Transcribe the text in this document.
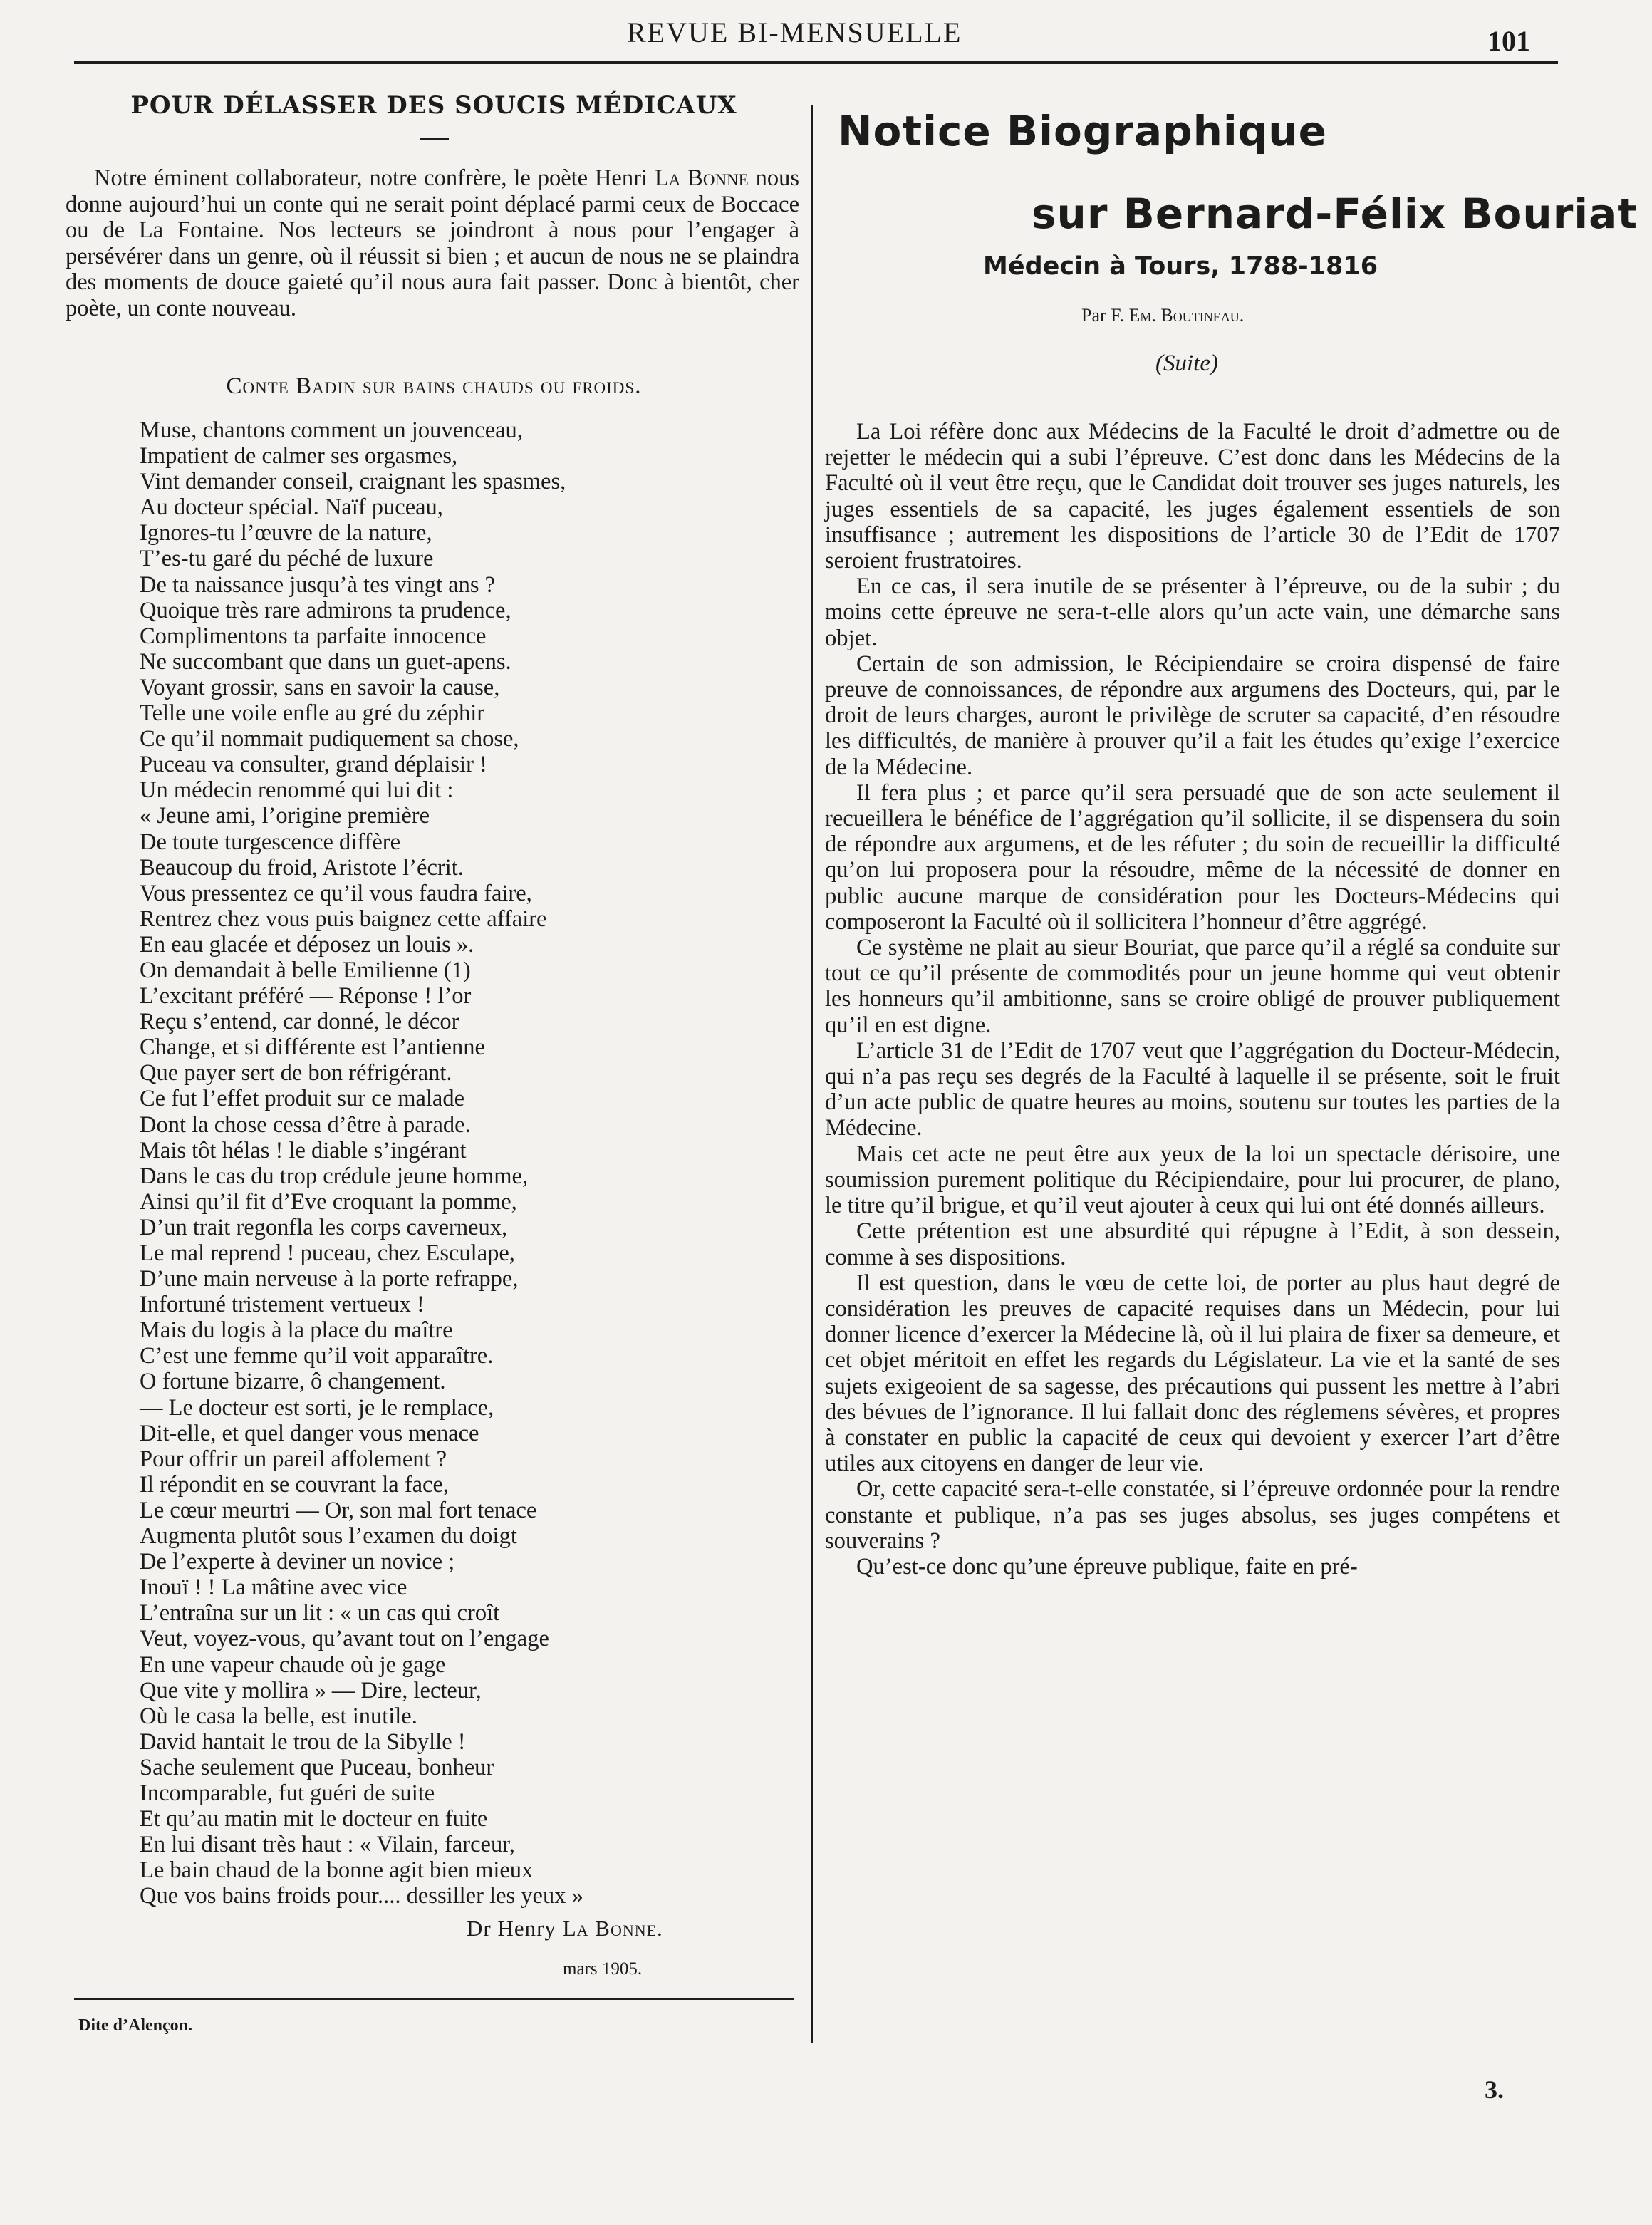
REVUE BI-MENSUELLE	101
POUR DÉLASSER DES SOUCIS MÉDICAUX

Notre éminent collaborateur, notre confrère, le poète Henri La Bonne nous donne aujourd’hui un conte qui ne serait point déplacé parmi ceux de Boccace ou de La Fontaine. Nos lecteurs se joindront à nous pour l’engager à persévérer dans un genre, où il réussit si bien ; et aucun de nous ne se plaindra des moments de douce gaieté qu’il nous aura fait passer. Donc à bientôt, cher poète, un conte nouveau.

Conte Badin sur bains chauds ou froids.
Muse, chantons comment un jouvenceau,
Impatient de calmer ses orgasmes,
Vint demander conseil, craignant les spasmes,
Au docteur spécial. Naïf puceau,
Ignores-tu l’œuvre de la nature,
T’es-tu garé du péché de luxure
De ta naissance jusqu’à tes vingt ans ?
Quoique très rare admirons ta prudence,
Complimentons ta parfaite innocence
Ne succombant que dans un guet-apens.
Voyant grossir, sans en savoir la cause,
Telle une voile enfle au gré du zéphir
Ce qu’il nommait pudiquement sa chose,
Puceau va consulter, grand déplaisir !
Un médecin renommé qui lui dit :
« Jeune ami, l’origine première
De toute turgescence diffère
Beaucoup du froid, Aristote l’écrit.
Vous pressentez ce qu’il vous faudra faire,
Rentrez chez vous puis baignez cette affaire
En eau glacée et déposez un louis ».
On demandait à belle Emilienne (1)
L’excitant préféré — Réponse ! l’or
Reçu s’entend, car donné, le décor
Change, et si différente est l’antienne
Que payer sert de bon réfrigérant.
Ce fut l’effet produit sur ce malade
Dont la chose cessa d’être à parade.
Mais tôt hélas ! le diable s’ingérant
Dans le cas du trop crédule jeune homme,
Ainsi qu’il fit d’Eve croquant la pomme,
D’un trait regonfla les corps caverneux,
Le mal reprend ! puceau, chez Esculape,
D’une main nerveuse à la porte refrappe,
Infortuné tristement vertueux !
Mais du logis à la place du maître
C’est une femme qu’il voit apparaître.
O fortune bizarre, ô changement.
— Le docteur est sorti, je le remplace,
Dit-elle, et quel danger vous menace
Pour offrir un pareil affolement ?
Il répondit en se couvrant la face,
Le cœur meurtri — Or, son mal fort tenace
Augmenta plutôt sous l’examen du doigt
De l’experte à deviner un novice ;
Inouï ! ! La mâtine avec vice
L’entraîna sur un lit : « un cas qui croît
Veut, voyez-vous, qu’avant tout on l’engage
En une vapeur chaude où je gage
Que vite y mollira » — Dire, lecteur,
Où le casa la belle, est inutile.
David hantait le trou de la Sibylle !
Sache seulement que Puceau, bonheur
Incomparable, fut guéri de suite
Et qu’au matin mit le docteur en fuite
En lui disant très haut : « Vilain, farceur,
Le bain chaud de la bonne agit bien mieux
Que vos bains froids pour.... dessiller les yeux »
Dr Henry La Bonne.
mars 1905.
Dite d’Alençon.
Notice Biographique
sur Bernard-Félix Bouriat
Médecin à Tours, 1788-1816
Par F. Em. Boutineau.
(Suite)

La Loi réfère donc aux Médecins de la Faculté le droit d’admettre ou de rejetter le médecin qui a subi l’épreuve. C’est donc dans les Médecins de la Faculté où il veut être reçu, que le Candidat doit trouver ses juges naturels, les juges essentiels de sa capacité, les juges également essentiels de son insuffisance ; autrement les dispositions de l’article 30 de l’Edit de 1707 seroient frustratoires.

En ce cas, il sera inutile de se présenter à l’épreuve, ou de la subir ; du moins cette épreuve ne sera-t-elle alors qu’un acte vain, une démarche sans objet.

Certain de son admission, le Récipiendaire se croira dispensé de faire preuve de connoissances, de répondre aux argumens des Docteurs, qui, par le droit de leurs charges, auront le privilège de scruter sa capacité, d’en résoudre les difficultés, de manière à prouver qu’il a fait les études qu’exige l’exercice de la Médecine.

Il fera plus ; et parce qu’il sera persuadé que de son acte seulement il recueillera le bénéfice de l’aggrégation qu’il sollicite, il se dispensera du soin de répondre aux argumens, et de les réfuter ; du soin de recueillir la difficulté qu’on lui proposera pour la résoudre, même de la nécessité de donner en public aucune marque de considération pour les Docteurs-Médecins qui composeront la Faculté où il sollicitera l’honneur d’être aggrégé.

Ce système ne plait au sieur Bouriat, que parce qu’il a réglé sa conduite sur tout ce qu’il présente de commodités pour un jeune homme qui veut obtenir les honneurs qu’il ambitionne, sans se croire obligé de prouver publiquement qu’il en est digne.

L’article 31 de l’Edit de 1707 veut que l’aggrégation du Docteur-Médecin, qui n’a pas reçu ses degrés de la Faculté à laquelle il se présente, soit le fruit d’un acte public de quatre heures au moins, soutenu sur toutes les parties de la Médecine.

Mais cet acte ne peut être aux yeux de la loi un spectacle dérisoire, une soumission purement politique du Récipiendaire, pour lui procurer, de plano, le titre qu’il brigue, et qu’il veut ajouter à ceux qui lui ont été donnés ailleurs.

Cette prétention est une absurdité qui répugne à l’Edit, à son dessein, comme à ses dispositions.

Il est question, dans le vœu de cette loi, de porter au plus haut degré de considération les preuves de capacité requises dans un Médecin, pour lui donner licence d’exercer la Médecine là, où il lui plaira de fixer sa demeure, et cet objet méritoit en effet les regards du Législateur. La vie et la santé de ses sujets exigeoient de sa sagesse, des précautions qui pussent les mettre à l’abri des bévues de l’ignorance. Il lui fallait donc des réglemens sévères, et propres à constater en public la capacité de ceux qui devoient y exercer l’art d’être utiles aux citoyens en danger de leur vie.

Or, cette capacité sera-t-elle constatée, si l’épreuve ordonnée pour la rendre constante et publique, n’a pas ses juges absolus, ses juges compétens et souverains ?

Qu’est-ce donc qu’une épreuve publique, faite en pré-

3.
